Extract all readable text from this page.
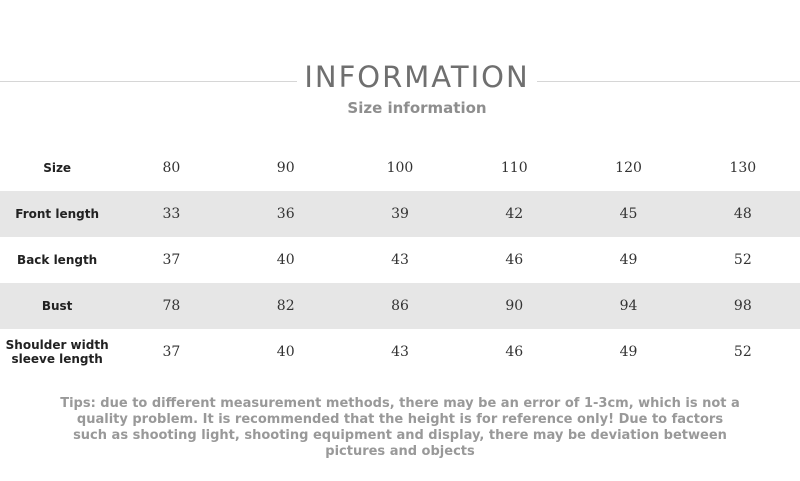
INFORMATION
Size information
Size	80	90	100	110	120	130
Front length	33	36	39	42	45	48
Back length	37	40	43	46	49	52
Bust	78	82	86	90	94	98
Shoulder width
sleeve length	37	40	43	46	49	52
Tips: due to different measurement methods, there may be an error of 1-3cm, which is not a quality problem. It is recommended that the height is for reference only! Due to factors such as shooting light, shooting equipment and display, there may be deviation between pictures and objects
